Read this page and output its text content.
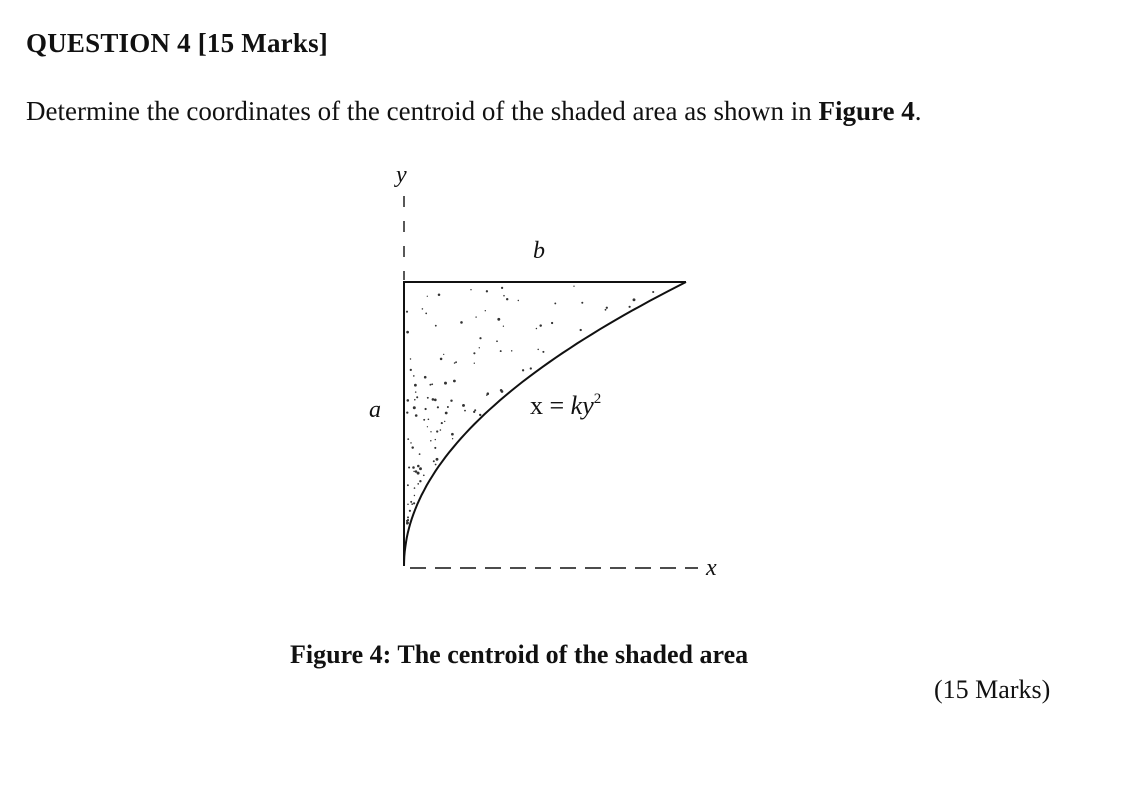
QUESTION 4 [15 Marks]
Determine the coordinates of the centroid of the shaded area as shown in Figure 4.
y
x
b
a	$x = ky^2$
Figure 4: The centroid of the shaded area
(15 Marks)
